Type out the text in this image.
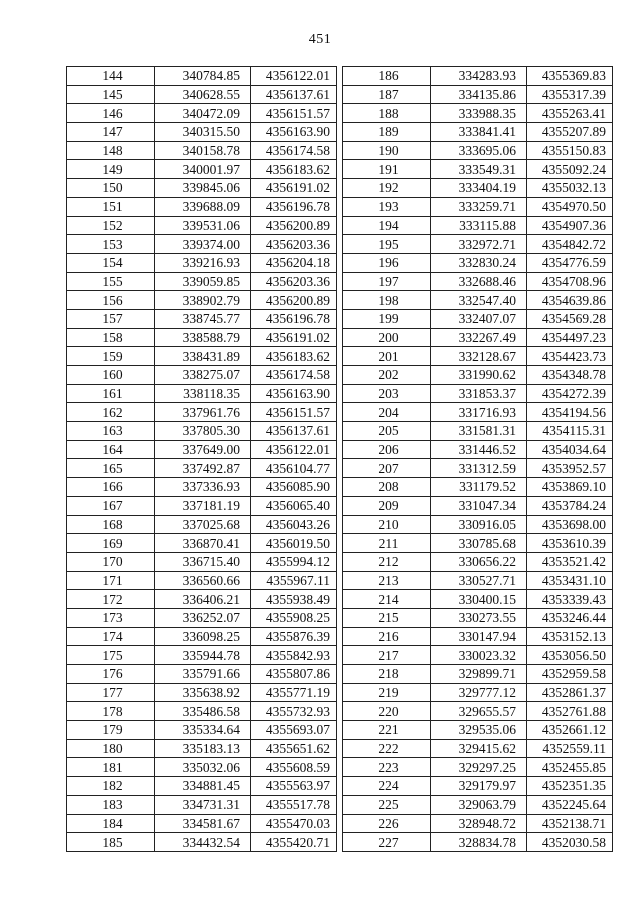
451
144	340784.85	4356122.01
145	340628.55	4356137.61
146	340472.09	4356151.57
147	340315.50	4356163.90
148	340158.78	4356174.58
149	340001.97	4356183.62
150	339845.06	4356191.02
151	339688.09	4356196.78
152	339531.06	4356200.89
153	339374.00	4356203.36
154	339216.93	4356204.18
155	339059.85	4356203.36
156	338902.79	4356200.89
157	338745.77	4356196.78
158	338588.79	4356191.02
159	338431.89	4356183.62
160	338275.07	4356174.58
161	338118.35	4356163.90
162	337961.76	4356151.57
163	337805.30	4356137.61
164	337649.00	4356122.01
165	337492.87	4356104.77
166	337336.93	4356085.90
167	337181.19	4356065.40
168	337025.68	4356043.26
169	336870.41	4356019.50
170	336715.40	4355994.12
171	336560.66	4355967.11
172	336406.21	4355938.49
173	336252.07	4355908.25
174	336098.25	4355876.39
175	335944.78	4355842.93
176	335791.66	4355807.86
177	335638.92	4355771.19
178	335486.58	4355732.93
179	335334.64	4355693.07
180	335183.13	4355651.62
181	335032.06	4355608.59
182	334881.45	4355563.97
183	334731.31	4355517.78
184	334581.67	4355470.03
185	334432.54	4355420.71
186	334283.93	4355369.83
187	334135.86	4355317.39
188	333988.35	4355263.41
189	333841.41	4355207.89
190	333695.06	4355150.83
191	333549.31	4355092.24
192	333404.19	4355032.13
193	333259.71	4354970.50
194	333115.88	4354907.36
195	332972.71	4354842.72
196	332830.24	4354776.59
197	332688.46	4354708.96
198	332547.40	4354639.86
199	332407.07	4354569.28
200	332267.49	4354497.23
201	332128.67	4354423.73
202	331990.62	4354348.78
203	331853.37	4354272.39
204	331716.93	4354194.56
205	331581.31	4354115.31
206	331446.52	4354034.64
207	331312.59	4353952.57
208	331179.52	4353869.10
209	331047.34	4353784.24
210	330916.05	4353698.00
211	330785.68	4353610.39
212	330656.22	4353521.42
213	330527.71	4353431.10
214	330400.15	4353339.43
215	330273.55	4353246.44
216	330147.94	4353152.13
217	330023.32	4353056.50
218	329899.71	4352959.58
219	329777.12	4352861.37
220	329655.57	4352761.88
221	329535.06	4352661.12
222	329415.62	4352559.11
223	329297.25	4352455.85
224	329179.97	4352351.35
225	329063.79	4352245.64
226	328948.72	4352138.71
227	328834.78	4352030.58
